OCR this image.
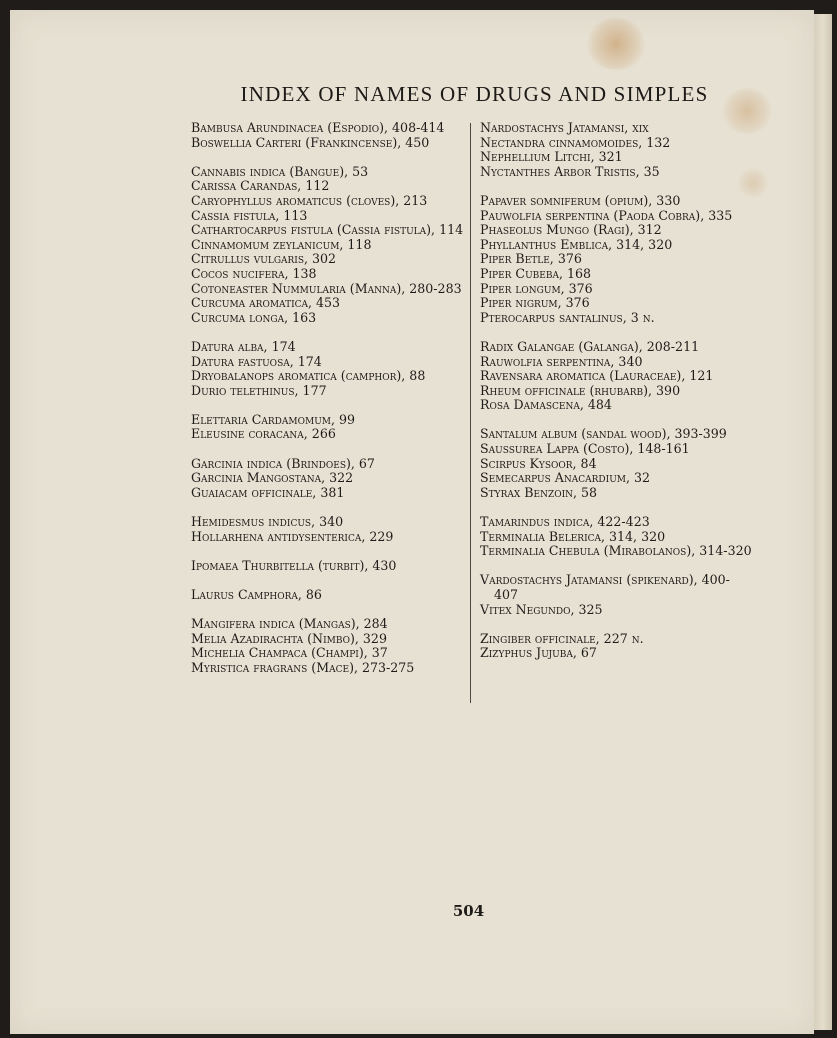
INDEX OF NAMES OF DRUGS AND SIMPLES

Bambusa Arundinacea (Espodio), 408-414

Boswellia Carteri (Frankincense), 450

Cannabis indica (Bangue), 53

Carissa Carandas, 112

Caryophyllus aromaticus (cloves), 213

Cassia fistula, 113

Cathartocarpus fistula (Cassia fistula), 114

Cinnamomum zeylanicum, 118

Citrullus vulgaris, 302

Cocos nucifera, 138

Cotoneaster Nummularia (Manna), 280-283

Curcuma aromatica, 453

Curcuma longa, 163

Datura alba, 174

Datura fastuosa, 174

Dryobalanops aromatica (camphor), 88

Durio telethinus, 177

Elettaria Cardamomum, 99

Eleusine coracana, 266

Garcinia indica (Brindoes), 67

Garcinia Mangostana, 322

Guaiacam officinale, 381

Hemidesmus indicus, 340

Hollarhena antidysenterica, 229

Ipomaea Thurbitella (turbit), 430

Laurus Camphora, 86

Mangifera indica (Mangas), 284

Melia Azadirachta (Nimbo), 329

Michelia Champaca (Champi), 37

Myristica fragrans (Mace), 273-275

Nardostachys Jatamansi, xix

Nectandra cinnamomoides, 132

Nephellium Litchi, 321

Nyctanthes Arbor Tristis, 35

Papaver somniferum (opium), 330

Pauwolfia serpentina (Paoda Cobra), 335

Phaseolus Mungo (Ragi), 312

Phyllanthus Emblica, 314, 320

Piper Betle, 376

Piper Cubeba, 168

Piper longum, 376

Piper nigrum, 376

Pterocarpus santalinus, 3 n.

Radix Galangae (Galanga), 208-211

Rauwolfia serpentina, 340

Ravensara aromatica (Lauraceae), 121

Rheum officinale (rhubarb), 390

Rosa Damascena, 484

Santalum album (sandal wood), 393-399

Saussurea Lappa (Costo), 148-161

Scirpus Kysoor, 84

Semecarpus Anacardium, 32

Styrax Benzoin, 58

Tamarindus indica, 422-423

Terminalia Belerica, 314, 320

Terminalia Chebula (Mirabolanos), 314-320

Vardostachys Jatamansi (spikenard), 400-407

Vitex Negundo, 325

Zingiber officinale, 227 n.

Zizyphus Jujuba, 67

504
